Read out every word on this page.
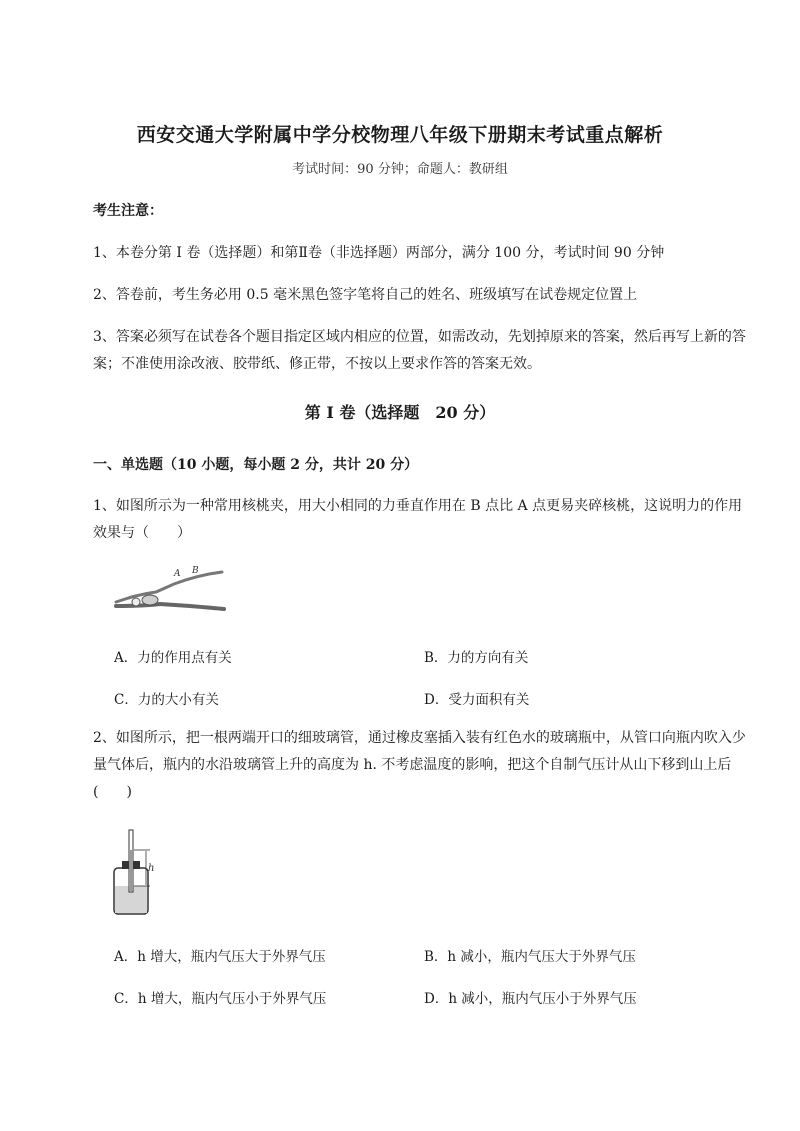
西安交通大学附属中学分校物理八年级下册期末考试重点解析
考试时间：90 分钟；命题人：教研组
考生注意：
1、本卷分第 I 卷（选择题）和第Ⅱ卷（非选择题）两部分，满分 100 分，考试时间 90 分钟
2、答卷前，考生务必用 0.5 毫米黑色签字笔将自己的姓名、班级填写在试卷规定位置上
3、答案必须写在试卷各个题目指定区域内相应的位置，如需改动，先划掉原来的答案，然后再写上新的答案；不准使用涂改液、胶带纸、修正带，不按以上要求作答的答案无效。
第 I 卷（选择题　20 分）
一、单选题（10 小题，每小题 2 分，共计 20 分）
1、如图所示为一种常用核桃夹，用大小相同的力垂直作用在 B 点比 A 点更易夹碎核桃，这说明力的作用效果与（　　）
A B
A．力的作用点有关	B．力的方向有关
C．力的大小有关	D．受力面积有关
2、如图所示，把一根两端开口的细玻璃管，通过橡皮塞插入装有红色水的玻璃瓶中，从管口向瓶内吹入少量气体后，瓶内的水沿玻璃管上升的高度为 h. 不考虑温度的影响，把这个自制气压计从山下移到山上后(　　)
h
A．h 增大，瓶内气压大于外界气压	B．h 减小，瓶内气压大于外界气压
C．h 增大，瓶内气压小于外界气压	D．h 减小，瓶内气压小于外界气压
